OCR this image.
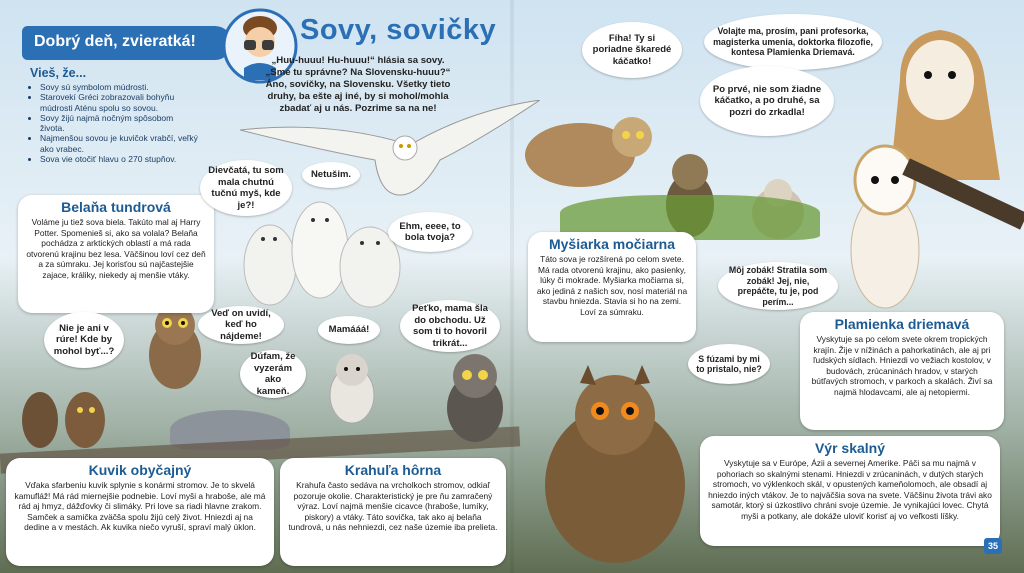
Dobrý deň, zvieratká!	Sovy, sovičky
„Huu-huuu! Hu-huuu!“ hlásia sa sovy. „Sme tu správne? Na Slovensku-huuu?“ Áno, sovičky, na Slovensku. Všetky tieto druhy, ba ešte aj iné, by si mohol/mohla zbadať aj u nás. Pozrime sa na ne!
Vieš, že...
• Sovy sú symbolom múdrosti.
• Starovekí Gréci zobrazovali bohyňu múdrosti Aténu spolu so sovou.
• Sovy žijú najmä nočným spôsobom života.
• Najmenšou sovou je kuvičok vrabčí, veľký ako vrabec.
• Sova vie otočiť hlavu o 270 stupňov.
Belaňa tundrová

Voláme ju tiež sova biela. Takúto mal aj Harry Potter. Spomenieš si, ako sa volala? Belaňa pochádza z arktických oblastí a má rada otvorenú krajinu bez lesa. Väčšinou loví cez deň a za súmraku. Jej korisťou sú najčastejšie zajace, králiky, niekedy aj menšie vtáky.

Kuvik obyčajný

Vďaka sfarbeniu kuvik splynie s konármi stromov. Je to skvelá kamufláž! Má rád miernejšie podnebie. Loví myši a hraboše, ale má rád aj hmyz, dážďovky či slimáky. Pri love sa riadi hlavne zrakom. Samček a samička zväčša spolu žijú celý život. Hniezdi aj na dedine a v mestách. Ak kuvika niečo vyruší, spraví malý úklon.

Krahuľa hôrna

Krahuľa často sedáva na vrcholkoch stromov, odkiaľ pozoruje okolie. Charakteristický je pre ňu zamračený výraz. Loví najmä menšie cicavce (hraboše, lumíky, piskory) a vtáky. Táto sovička, tak ako aj belaňa tundrová, u nás nehniezdi, cez naše územie iba prelieta.

Myšiarka močiarna

Táto sova je rozšírená po celom svete. Má rada otvorenú krajinu, ako pasienky, lúky či mokrade. Myšiarka močiarna si, ako jediná z našich sov, nosí materiál na stavbu hniezda. Stavia si ho na zemi. Loví za súmraku.

Plamienka driemavá

Vyskytuje sa po celom svete okrem tropických krajín. Žije v nížinách a pahorkatinách, ale aj pri ľudských sídlach. Hniezdi vo vežiach kostolov, v budovách, zrúcaninách hradov, v starých bútľavých stromoch, v parkoch a skalách. Živí sa najmä hlodavcami, ale aj netopiermi.

Výr skalný

Vyskytuje sa v Európe, Ázii a severnej Amerike. Páči sa mu najmä v pohoriach so skalnými stenami. Hniezdi v zrúcaninách, v dutých starých stromoch, vo výklenkoch skál, v opustených kameňolomoch, ale obsadí aj hniezdo iných vtákov. Je to najväčšia sova na svete. Väčšinu života trávi ako samotár, ktorý si úzkostlivo chráni svoje územie. Je vynikajúci lovec. Chytá myši a potkany, ale dokáže uloviť korisť aj vo veľkosti líšky.

Dievčatá, tu som mala chutnú tučnú myš, kde je?!
Netušim.
Ehm, eeee, to bola tvoja?
Nie je ani v rúre! Kde by mohol byť...?
Veď on uvidí, keď ho nájdeme!
Mamááá!
Peťko, mama šla do obchodu. Už som ti to hovoril trikrát...
Dúfam, že vyzerám ako kameň.
Fíha! Ty si poriadne škaredé káčatko!
Volajte ma, prosím, pani profesorka, magisterka umenia, doktorka filozofie, kontesa Plamienka Driemavá.
Po prvé, nie som žiadne káčatko, a po druhé, sa pozri do zrkadla!
Môj zobák! Stratila som zobák! Jej, nie, prepáčte, tu je, pod perím...
S fúzami by mi to pristalo, nie?
35
